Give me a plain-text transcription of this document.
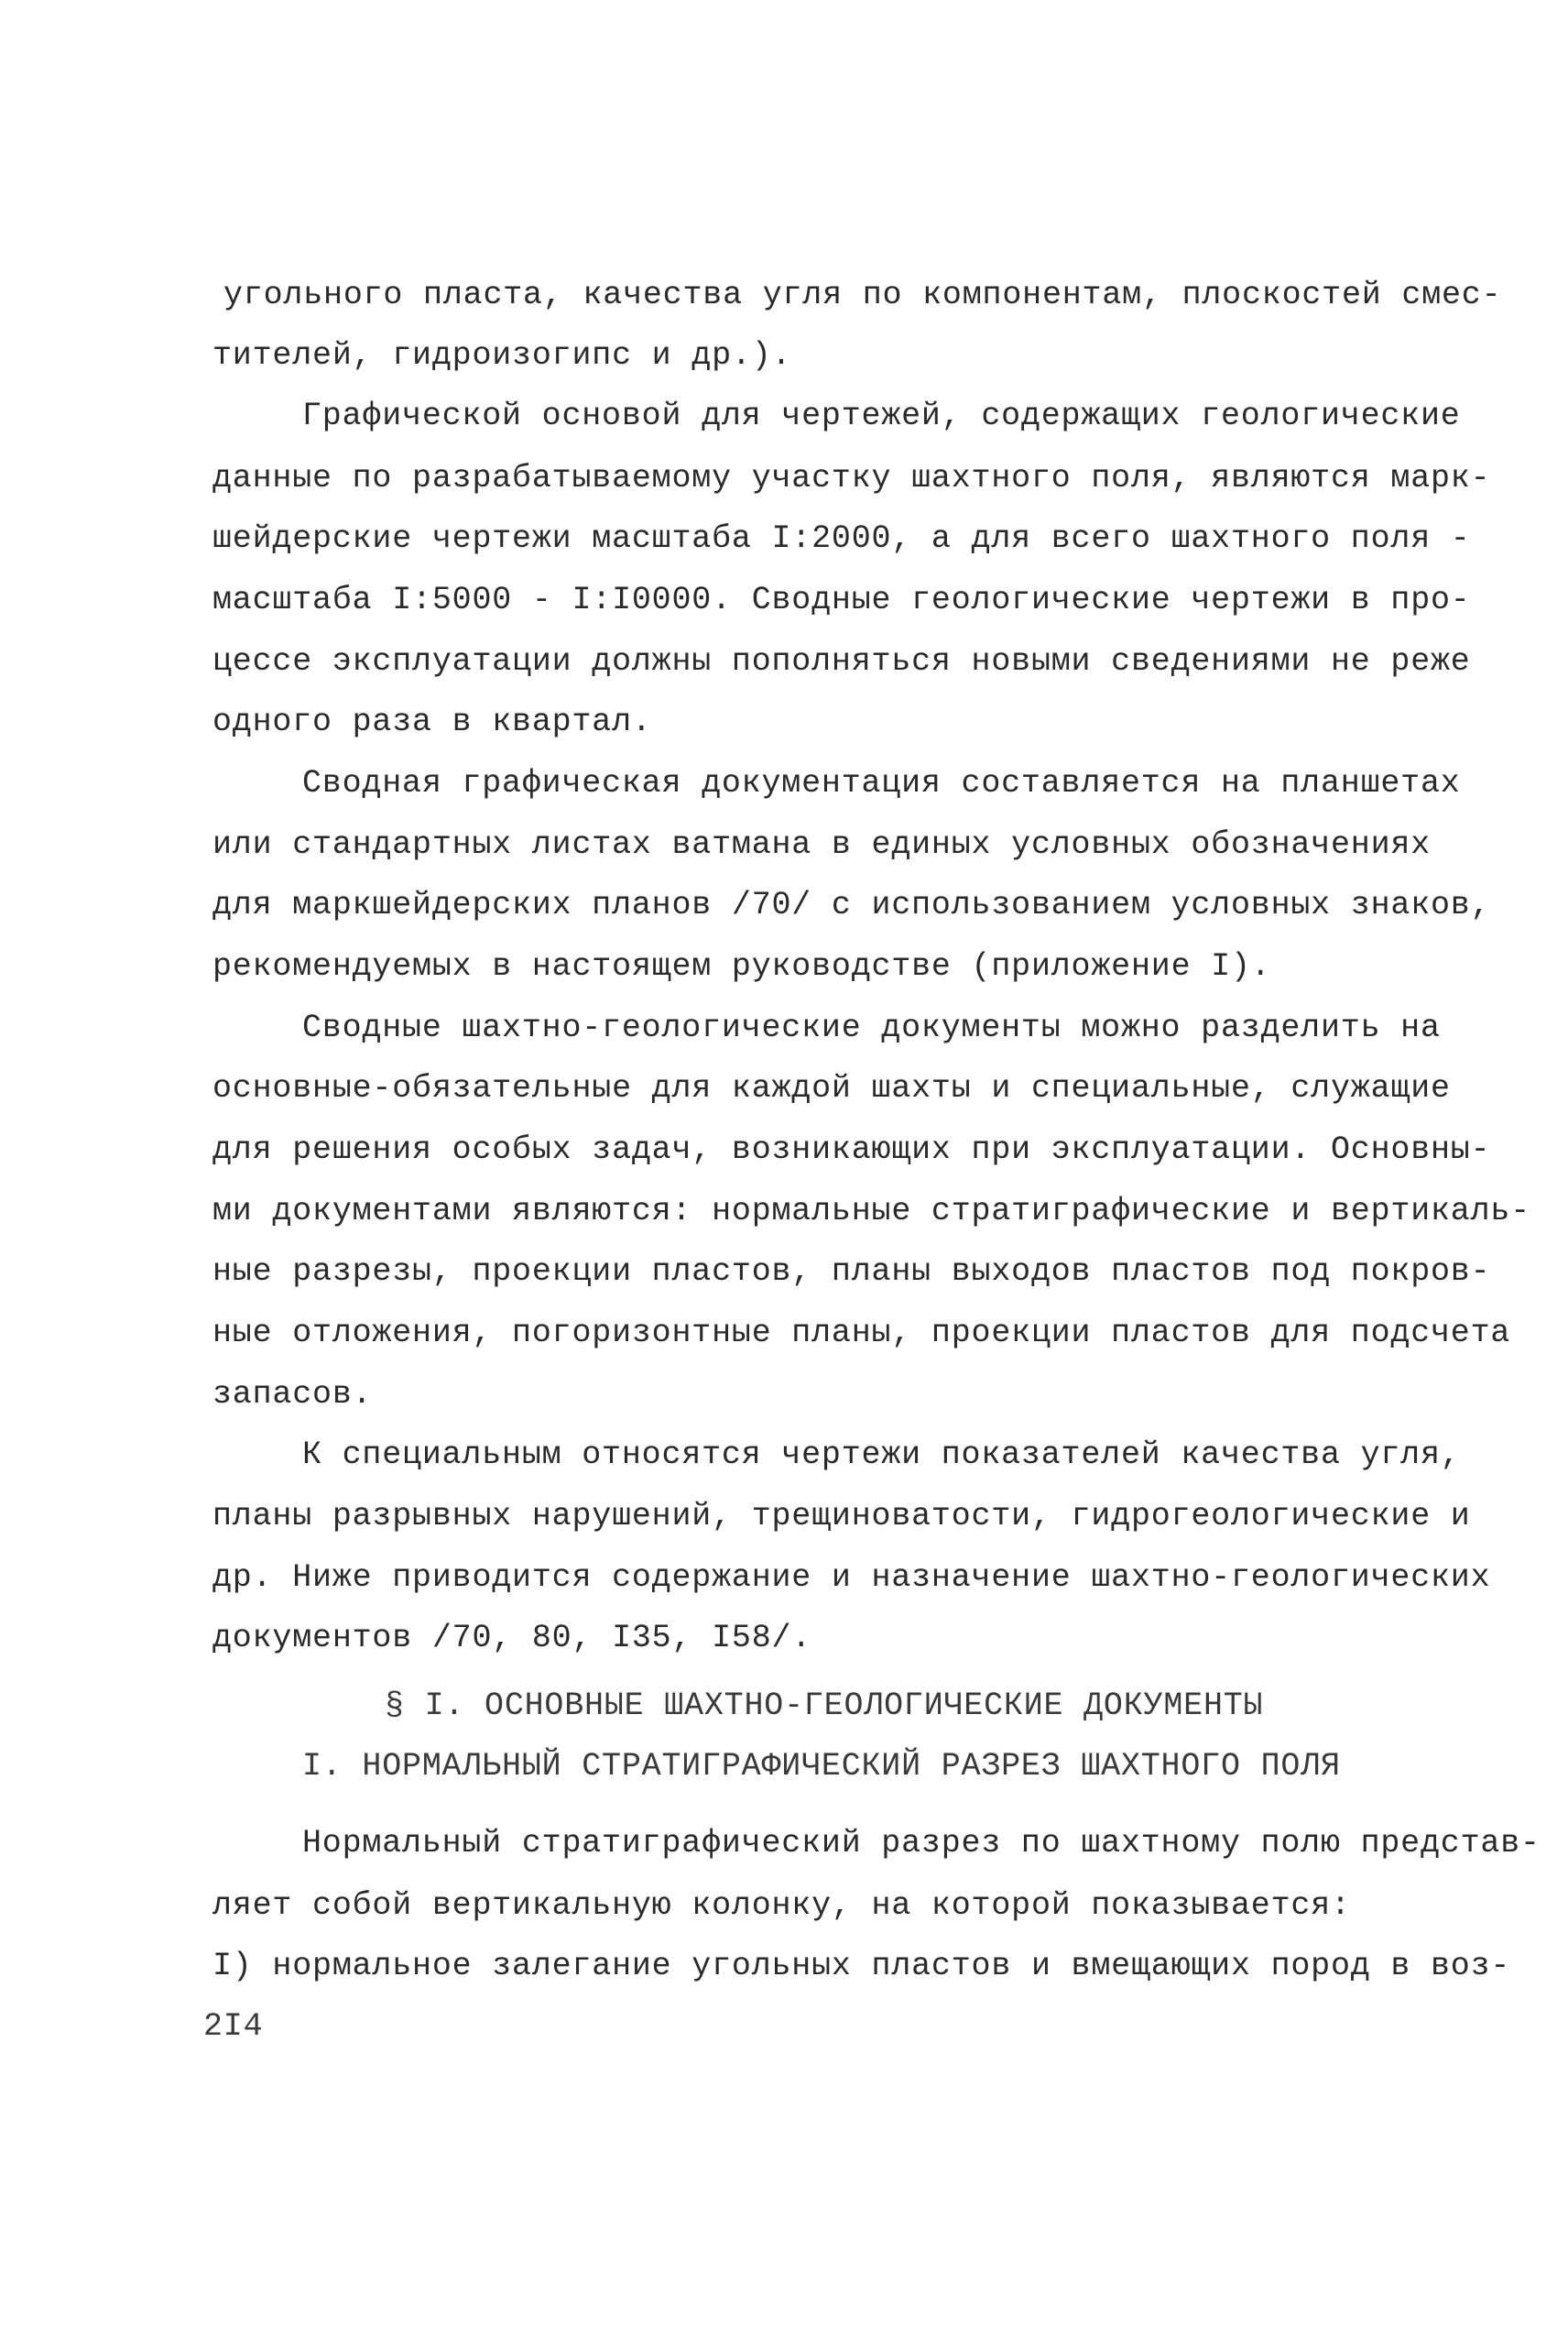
угольного пласта, качества угля по компонентам, плоскостей смес-
тителей, гидроизогипс и др.).
Графической основой для чертежей, содержащих геологические
данные по разрабатываемому участку шахтного поля, являются марк-
шейдерские чертежи масштаба I:2000, а для всего шахтного поля -
масштаба I:5000 - I:I0000. Сводные геологические чертежи в про-
цессе эксплуатации должны пополняться новыми сведениями не реже
одного раза в квартал.
Сводная графическая документация составляется на планшетах
или стандартных листах ватмана в единых условных обозначениях
для маркшейдерских планов /70/ с использованием условных знаков,
рекомендуемых в настоящем руководстве (приложение I).
Сводные шахтно-геологические документы можно разделить на
основные-обязательные для каждой шахты и специальные, служащие
для решения особых задач, возникающих при эксплуатации. Основны-
ми документами являются: нормальные стратиграфические и вертикаль-
ные разрезы, проекции пластов, планы выходов пластов под покров-
ные отложения, погоризонтные планы, проекции пластов для подсчета
запасов.
К специальным относятся чертежи показателей качества угля,
планы разрывных нарушений, трещиноватости, гидрогеологические и
др. Ниже приводится содержание и назначение шахтно-геологических
документов /70, 80, I35, I58/.
§ I. ОСНОВНЫЕ ШАХТНО-ГЕОЛОГИЧЕСКИЕ ДОКУМЕНТЫ
I. НОРМАЛЬНЫЙ СТРАТИГРАФИЧЕСКИЙ РАЗРЕЗ ШАХТНОГО ПОЛЯ
Нормальный стратиграфический разрез по шахтному полю представ-
ляет собой вертикальную колонку, на которой показывается:
I) нормальное залегание угольных пластов и вмещающих пород в воз-
2I4
